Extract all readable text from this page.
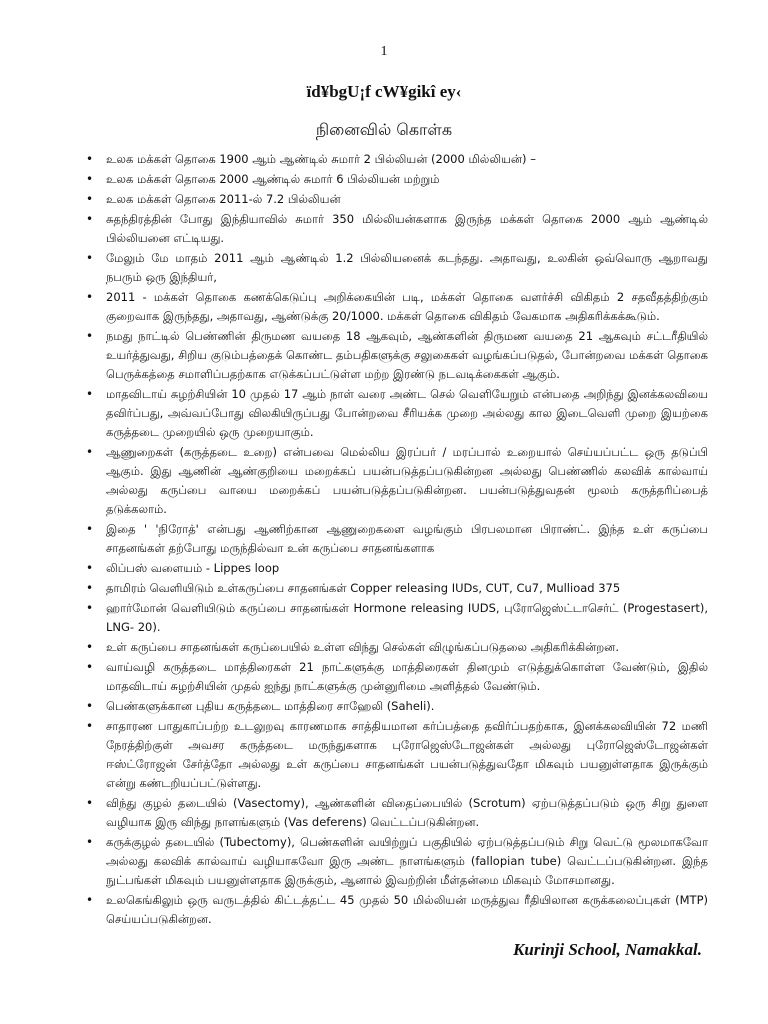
1
ïd¥bgU¡f cW¥gikî ey‹
நினைவில் கொள்க
• உலக மக்கள் தொகை 1900 ஆம் ஆண்டில் சுமார் 2 பில்லியன் (2000 மில்லியன்) –
• உலக மக்கள் தொகை 2000 ஆண்டில் சுமார் 6 பில்லியன் மற்றும்
• உலக மக்கள் தொகை 2011-ல் 7.2 பில்லியன்
• சுதந்திரத்தின் போது இந்தியாவில் சுமார் 350 மில்லியன்களாக இருந்த மக்கள் தொகை 2000 ஆம் ஆண்டில் பில்லியனை எட்டியது.
• மேலும் மே மாதம் 2011 ஆம் ஆண்டில் 1.2 பில்லியனைக் கடந்தது. அதாவது, உலகின் ஒவ்வொரு ஆறாவது நபரும் ஒரு இந்தியர்,
• 2011 - மக்கள் தொகை கணக்கெடுப்பு அறிக்கையின் படி, மக்கள் தொகை வளர்ச்சி விகிதம் 2 சதவீதத்திற்கும் குறைவாக இருந்தது, அதாவது, ஆண்டுக்கு 20/1000. மக்கள் தொகை விகிதம் வேகமாக அதிகரிக்கக்கூடும்.
• நமது நாட்டில் பெண்ணின் திருமண வயதை 18 ஆகவும், ஆண்களின் திருமண வயதை 21 ஆகவும் சட்டரீதியில் உயர்த்துவது, சிறிய குடும்பத்தைக் கொண்ட தம்பதிகளுக்கு சலுகைகள் வழங்கப்படுதல், போன்றவை மக்கள் தொகை பெருக்கத்தை சமாளிப்பதற்காக எடுக்கப்பட்டுள்ள மற்ற இரண்டு நடவடிக்கைகள் ஆகும்.
• மாதவிடாய் சுழற்சியின் 10 முதல் 17 ஆம் நாள் வரை அண்ட செல் வெளியேறும் என்பதை அறிந்து இனக்கலவியை தவிர்ப்பது, அவ்வப்போது விலகியிருப்பது போன்றவை சீரியக்க முறை அல்லது கால இடைவெளி முறை இயற்கை கருத்தடை முறையில் ஒரு முறையாகும்.
• ஆணுறைகள் (கருத்தடை உறை) என்பவை மெல்லிய இரப்பர் / மரப்பால் உறையால் செய்யப்பட்ட ஒரு தடுப்பி ஆகும். இது ஆணின் ஆண்குறியை மறைக்கப் பயன்படுத்தப்படுகின்றன அல்லது பெண்ணில் கலவிக் கால்வாய் அல்லது கருப்பை வாயை மறைக்கப் பயன்படுத்தப்படுகின்றன. பயன்படுத்துவதன் மூலம் கருத்தரிப்பைத் தடுக்கலாம்.
• இதை ' 'நிரோத்' என்பது ஆணிற்கான ஆணுறைகளை வழங்கும் பிரபலமான பிராண்ட். இந்த உள் கருப்பை சாதனங்கள் தற்போது மருந்தில்வா உன் கருப்பை சாதனங்களாக
• லிப்பஸ் வளையம் - Lippes loop
• தாமிரம் வெளியிடும் உள்கருப்பை சாதனங்கள் Copper releasing IUDs, CUT, Cu7, Mullioad 375
• ஹார்மோன் வெளியிடும் கருப்பை சாதனங்கள் Hormone releasing IUDS, புரோஜெஸ்ட்டாசெர்ட் (Progestasert), LNG- 20).
• உள் கருப்பை சாதனங்கள் கருப்பையில் உள்ள விந்து செல்கள் விழுங்கப்படுதலை அதிகரிக்கின்றன.
• வாய்வழி கருத்தடை மாத்திரைகள் 21 நாட்களுக்கு மாத்திரைகள் தினமும் எடுத்துக்கொள்ள வேண்டும், இதில் மாதவிடாய் சுழற்சியின் முதல் ஐந்து நாட்களுக்கு முன்னுரிமை அளித்தல் வேண்டும்.
• பெண்களுக்கான புதிய கருத்தடை மாத்திரை சாஹேலி (Saheli).
• சாதாரண பாதுகாப்பற்ற உடலுறவு காரணமாக சாத்தியமான கர்ப்பத்தை தவிர்ப்பதற்காக, இனக்கலவியின் 72 மணி நேரத்திற்குள் அவசர கருத்தடை மருந்துகளாக புரோஜெஸ்டோஜன்கள் அல்லது புரோஜெஸ்டோஜன்கள் ஈஸ்ட்ரோஜன் சேர்த்தோ அல்லது உள் கருப்பை சாதனங்கள் பயன்படுத்துவதோ மிகவும் பயனுள்ளதாக இருக்கும் என்று கண்டறியப்பட்டுள்ளது.
• விந்து குழல் தடையில் (Vasectomy), ஆண்களின் விதைப்பையில் (Scrotum) ஏற்படுத்தப்படும் ஒரு சிறு துளை வழியாக இரு விந்து நாளங்களும் (Vas deferens) வெட்டப்படுகின்றன.
• கருக்குழல் தடையில் (Tubectomy), பெண்களின் வயிற்றுப் பகுதியில் ஏற்படுத்தப்படும் சிறு வெட்டு மூலமாகவோ அல்லது கலவிக் கால்வாய் வழியாகவோ இரு அண்ட நாளங்களும் (fallopian tube) வெட்டப்படுகின்றன. இந்த நுட்பங்கள் மிகவும் பயனுள்ளதாக இருக்கும், ஆனால் இவற்றின் மீள்தன்மை மிகவும் மோசமானது.
• உலகெங்கிலும் ஒரு வருடத்தில் கிட்டத்தட்ட 45 முதல் 50 மில்லியன் மருத்துவ ரீதியிலான கருக்கலைப்புகள் (MTP) செய்யப்படுகின்றன.
Kurinji School, Namakkal.
